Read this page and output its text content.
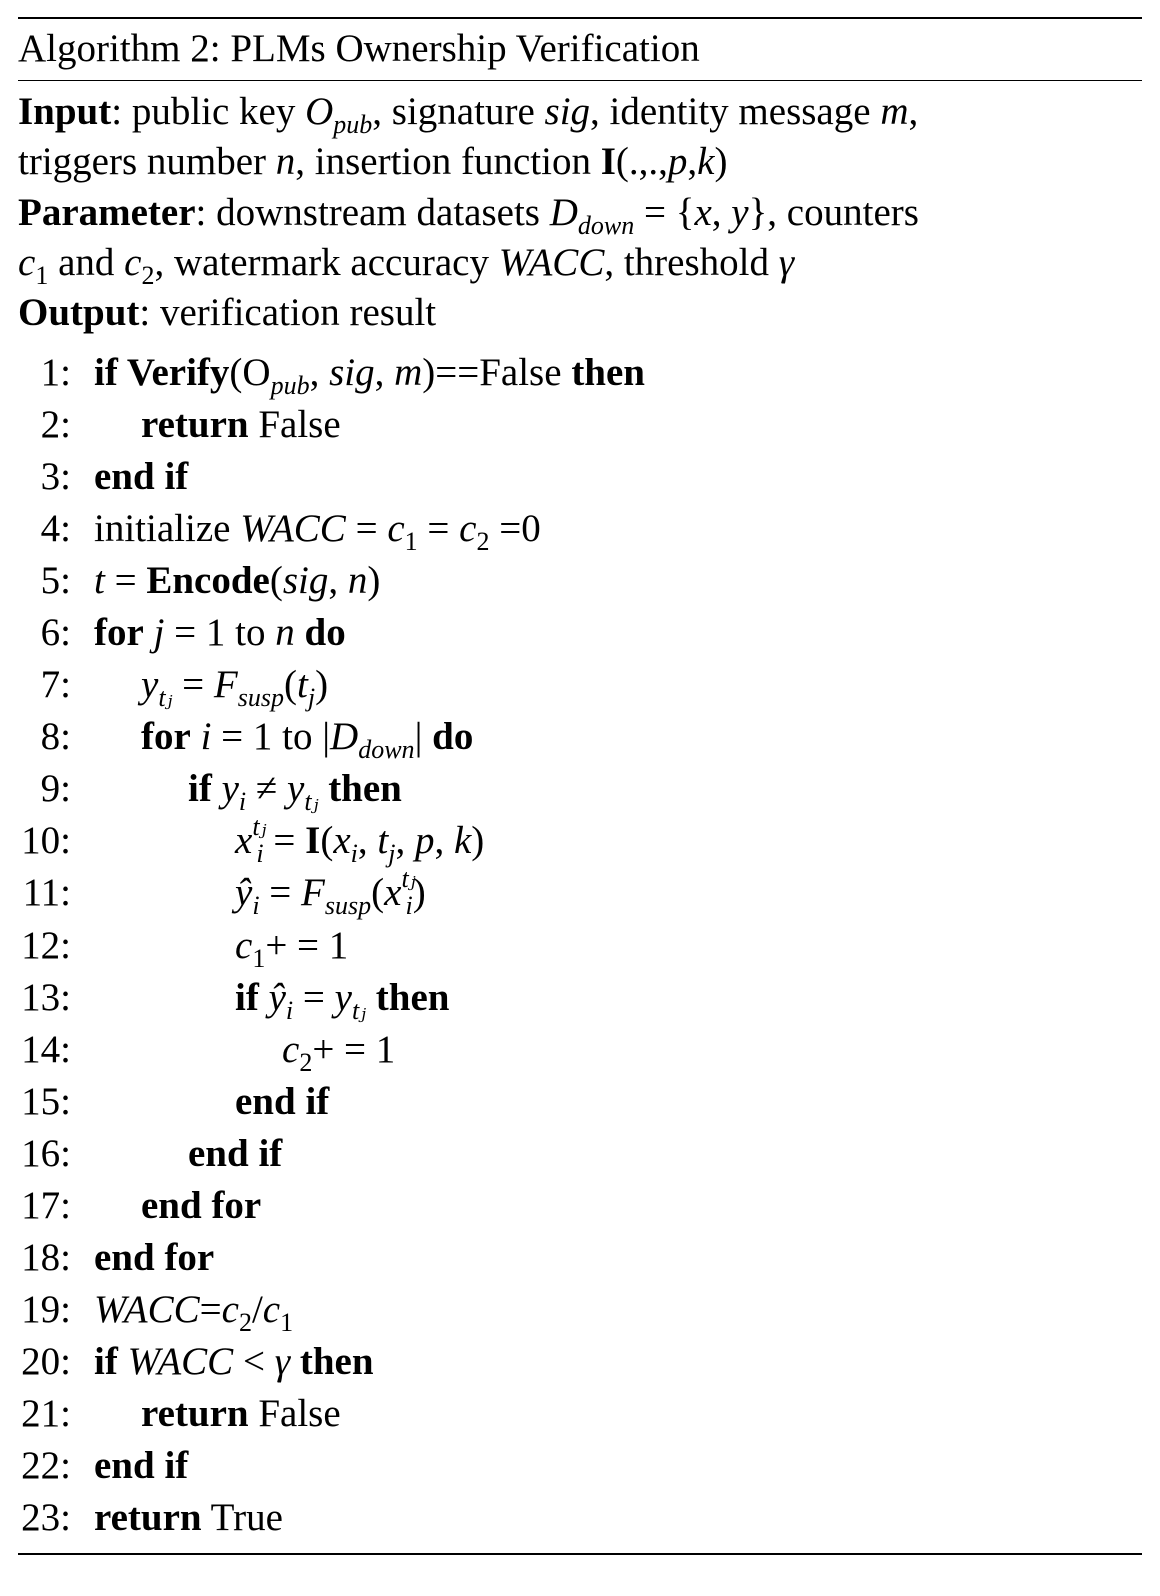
Algorithm 2: PLMs Ownership Verification
Input: public key $O_{pub}$, signature sig, identity message m,
triggers number n, insertion function I(.,.,p,k)
Parameter: downstream datasets $D_{down} = \{x$, y}, counters
$c_1$ and $c_2$, watermark accuracy WACC, threshold γ
Output: verification result
1: if $Verify(O_{pub}$, sig, m)==False then
2: return False
3: end if
4: initialize WACC = $c_1 = c_2 =0$
5: t = Encode(sig, n)
6: for j = 1 to n do
7: $y_{tⱼ} = F_{susp}(t_j)$
8: for i = 1 to $|D_{down}|$ do
9:	if $y_i \ne y_{tⱼ}$ then
10:	$x^{tⱼ}_i = I(x_i$, $t_j$, p, k)
11:	$ŷ_i = F_{susp}(x^{tⱼ}_i)$
12:	$c_1+ = 1$
13:	if $ŷ_i = y_{tⱼ}$ then
14:	$c_2+ = 1$
15:	end if
16:	end if
17: end for
18: end for
19: $WACC=c_2/c_1$
20: if WACC < γ then
21: return False
22: end if
23: return True
